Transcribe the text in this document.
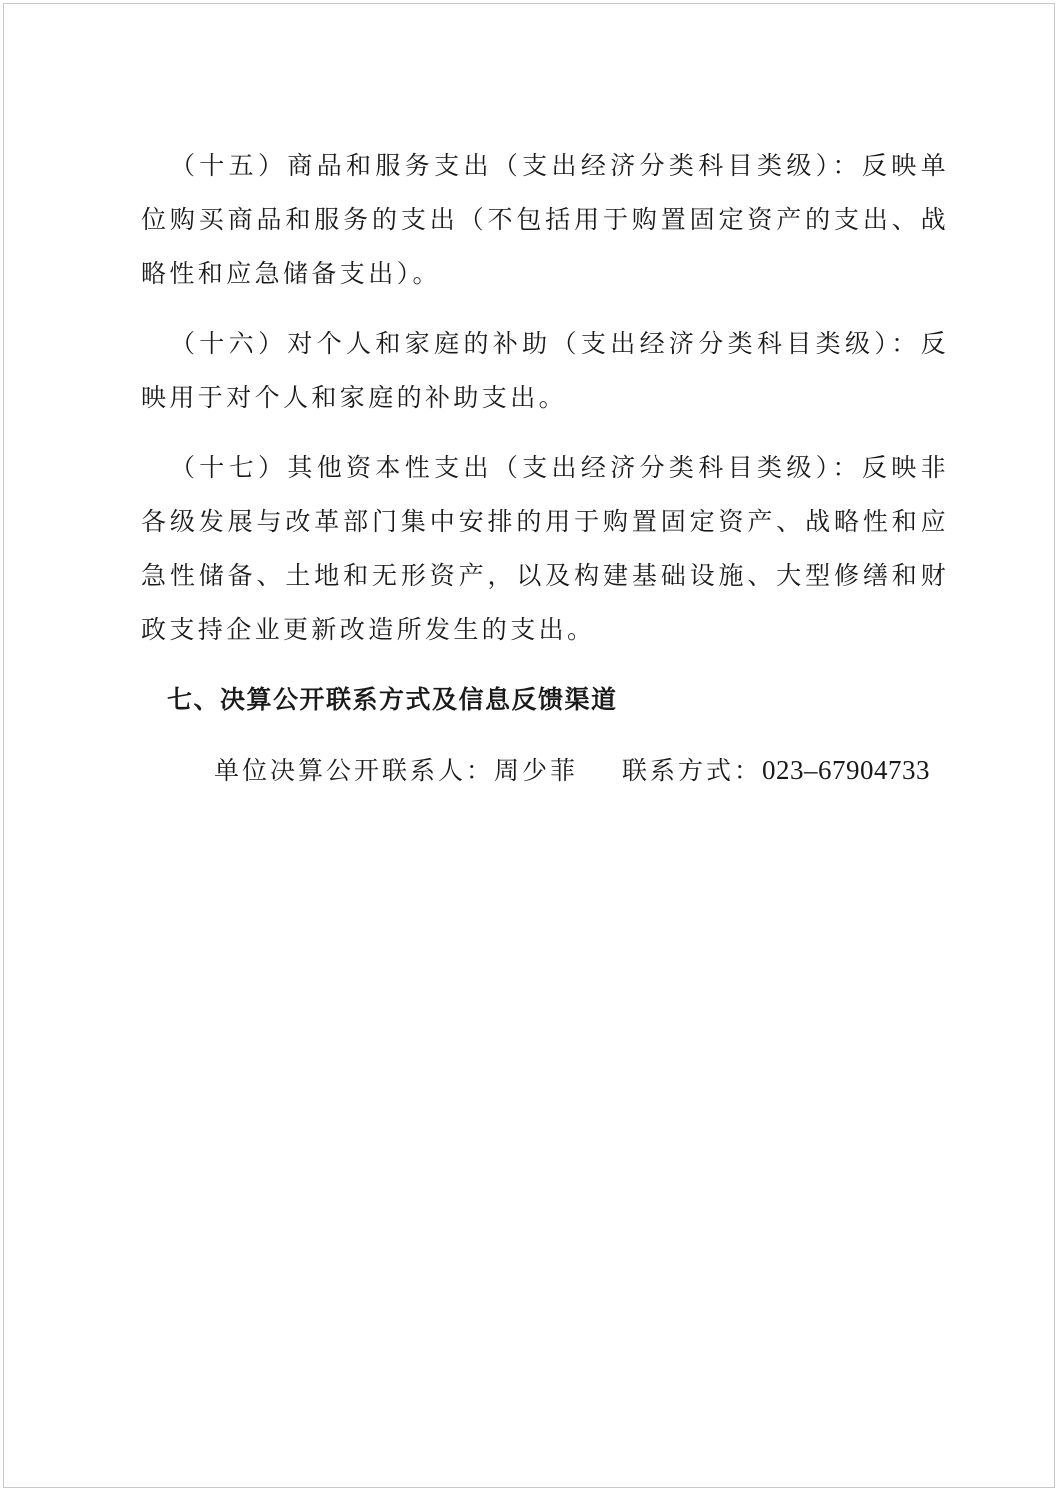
（十五）商品和服务支出（支出经济分类科目类级）：反映单位购买商品和服务的支出（不包括用于购置固定资产的支出、战略性和应急储备支出）。

（十六）对个人和家庭的补助（支出经济分类科目类级）：反映用于对个人和家庭的补助支出。

（十七）其他资本性支出（支出经济分类科目类级）：反映非各级发展与改革部门集中安排的用于购置固定资产、战略性和应急性储备、土地和无形资产，以及构建基础设施、大型修缮和财政支持企业更新改造所发生的支出。

七、决算公开联系方式及信息反馈渠道

单位决算公开联系人：周少菲 联系方式：023–67904733
